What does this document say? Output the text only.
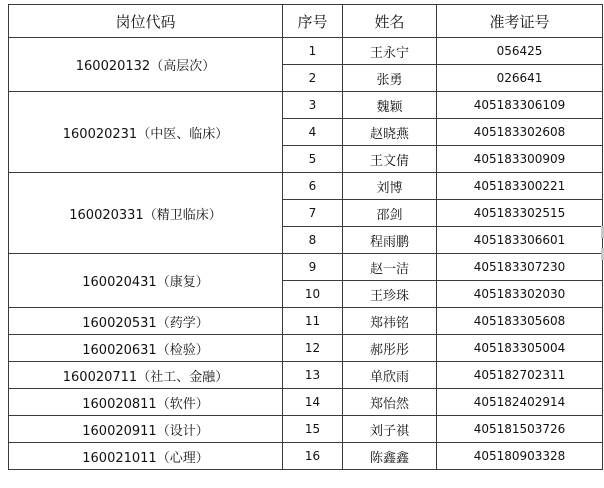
岗位代码	序号	姓名	准考证号
160020132（高层次）	1	王永宁	056425
	2	张勇	026641
160020231（中医、临床）	3	魏颖	405183306109
	4	赵晓燕	405183302608
	5	王文倩	405183300909
160020331（精卫临床）	6	刘博	405183300221
	7	邵剑	405183302515
	8	程雨鹏	405183306601
160020431（康复）	9	赵一洁	405183307230
	10	王珍珠	405183302030
160020531（药学）	11	郑祎铭	405183305608
160020631（检验）	12	郝彤彤	405183305004
160020711（社工、金融）	13	单欣雨	405182702311
160020811（软件）	14	郑怡然	405182402914
160020911（设计）	15	刘子祺	405181503726
160021011（心理）	16	陈鑫鑫	405180903328
